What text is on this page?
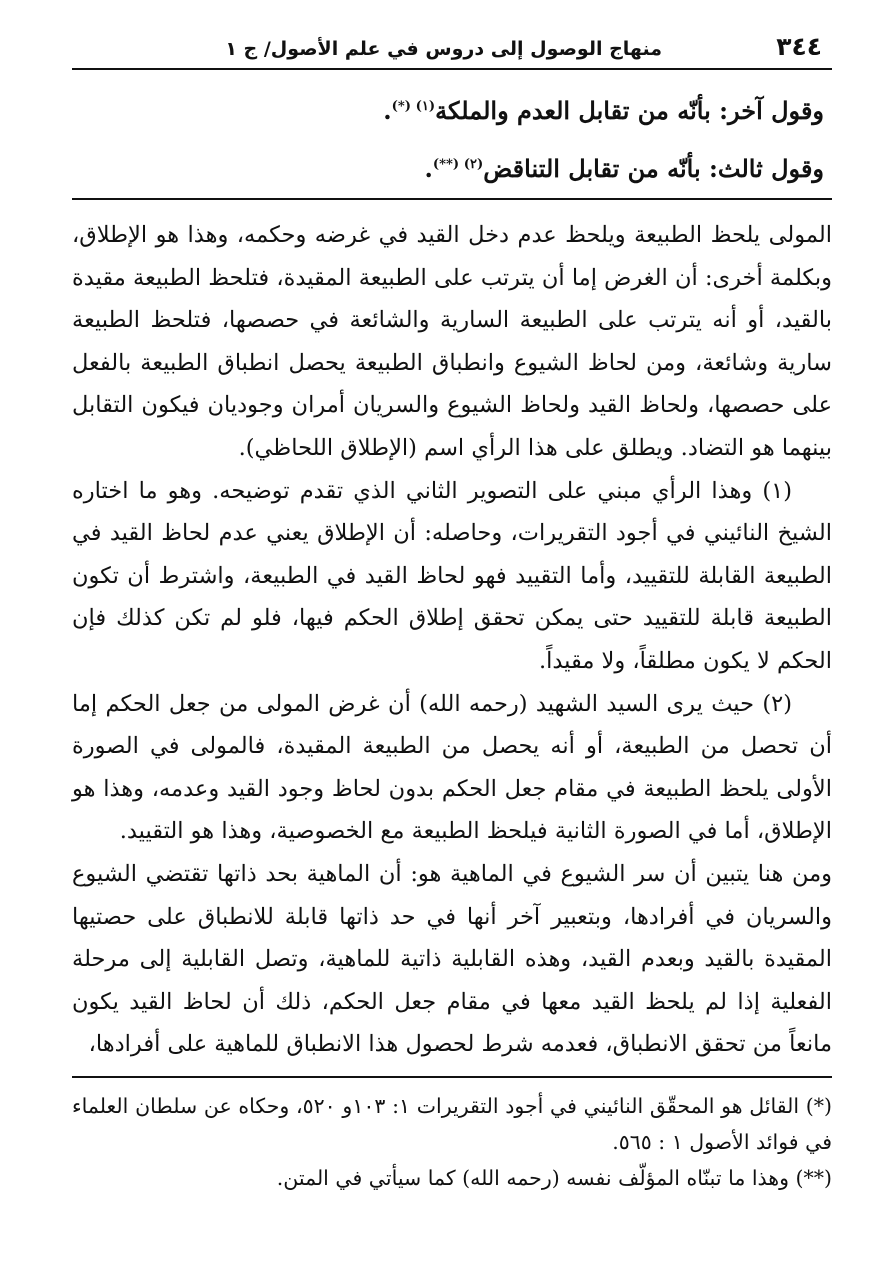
٣٤٤
منهاج الوصول إلى دروس في علم الأصول/ ج ١
وقول آخر: بأنّه من تقابل العدم والملكة$^{(١) (*)}$.
وقول ثالث: بأنّه من تقابل التناقض$^{(٢) (**)}$.

المولى يلحظ الطبيعة ويلحظ عدم دخل القيد في غرضه وحكمه، وهذا هو الإطلاق، وبكلمة أخرى: أن الغرض إما أن يترتب على الطبيعة المقيدة، فتلحظ الطبيعة مقيدة بالقيد، أو أنه يترتب على الطبيعة السارية والشائعة في حصصها، فتلحظ الطبيعة سارية وشائعة، ومن لحاظ الشيوع وانطباق الطبيعة يحصل انطباق الطبيعة بالفعل على حصصها، ولحاظ القيد ولحاظ الشيوع والسريان أمران وجوديان فيكون التقابل بينهما هو التضاد. ويطلق على هذا الرأي اسم (الإطلاق اللحاظي).

(١) وهذا الرأي مبني على التصوير الثاني الذي تقدم توضيحه. وهو ما اختاره الشيخ النائيني في أجود التقريرات، وحاصله: أن الإطلاق يعني عدم لحاظ القيد في الطبيعة القابلة للتقييد، وأما التقييد فهو لحاظ القيد في الطبيعة، واشترط أن تكون الطبيعة قابلة للتقييد حتى يمكن تحقق إطلاق الحكم فيها، فلو لم تكن كذلك فإن الحكم لا يكون مطلقاً، ولا مقيداً.

(٢) حيث يرى السيد الشهيد (رحمه الله) أن غرض المولى من جعل الحكم إما أن تحصل من الطبيعة، أو أنه يحصل من الطبيعة المقيدة، فالمولى في الصورة الأولى يلحظ الطبيعة في مقام جعل الحكم بدون لحاظ وجود القيد وعدمه، وهذا هو الإطلاق، أما في الصورة الثانية فيلحظ الطبيعة مع الخصوصية، وهذا هو التقييد.

ومن هنا يتبين أن سر الشيوع في الماهية هو: أن الماهية بحد ذاتها تقتضي الشيوع والسريان في أفرادها، وبتعبير آخر أنها في حد ذاتها قابلة للانطباق على حصتيها المقيدة بالقيد وبعدم القيد، وهذه القابلية ذاتية للماهية، وتصل القابلية إلى مرحلة الفعلية إذا لم يلحظ القيد معها في مقام جعل الحكم، ذلك أن لحاظ القيد يكون مانعاً من تحقق الانطباق، فعدمه شرط لحصول هذا الانطباق للماهية على أفرادها،

(*) القائل هو المحقّق النائيني في أجود التقريرات ١: ١٠٣و ٥٢٠، وحكاه عن سلطان العلماء في فوائد الأصول ١ : ٥٦٥.

(**) وهذا ما تبنّاه المؤلّف نفسه (رحمه الله) كما سيأتي في المتن.
